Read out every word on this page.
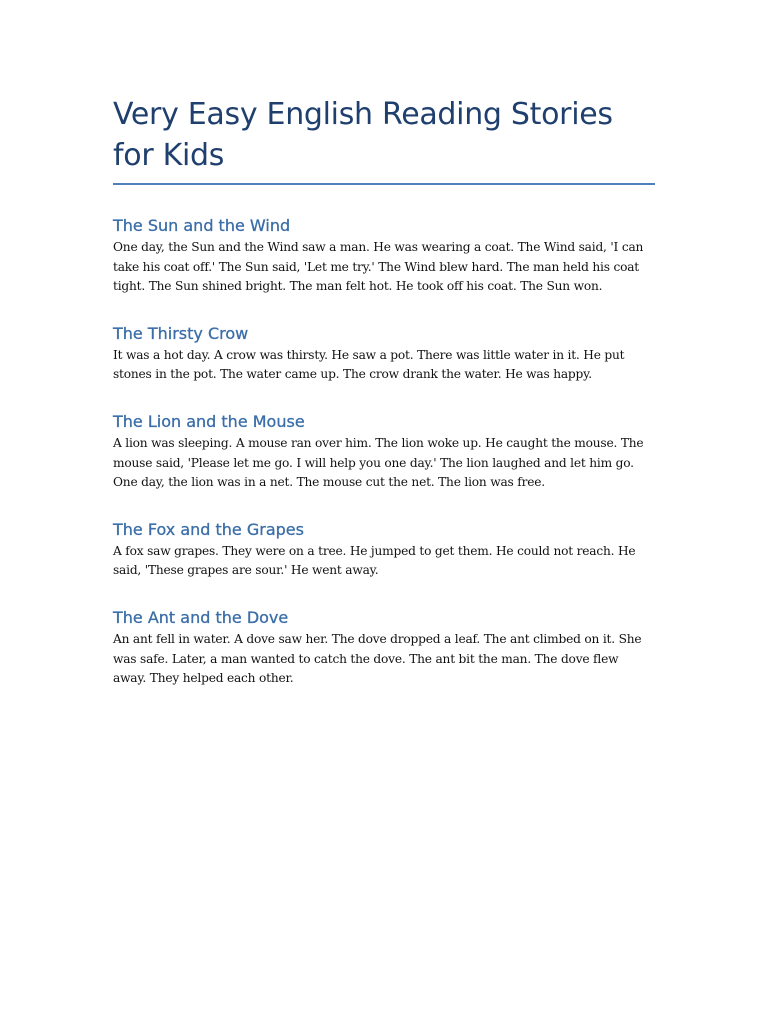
Very Easy English Reading Stories for Kids
The Sun and the Wind

One day, the Sun and the Wind saw a man. He was wearing a coat. The Wind said, 'I can take his coat off.' The Sun said, 'Let me try.' The Wind blew hard. The man held his coat tight. The Sun shined bright. The man felt hot. He took off his coat. The Sun won.

The Thirsty Crow

It was a hot day. A crow was thirsty. He saw a pot. There was little water in it. He put stones in the pot. The water came up. The crow drank the water. He was happy.

The Lion and the Mouse

A lion was sleeping. A mouse ran over him. The lion woke up. He caught the mouse. The mouse said, 'Please let me go. I will help you one day.' The lion laughed and let him go. One day, the lion was in a net. The mouse cut the net. The lion was free.

The Fox and the Grapes

A fox saw grapes. They were on a tree. He jumped to get them. He could not reach. He said, 'These grapes are sour.' He went away.

The Ant and the Dove

An ant fell in water. A dove saw her. The dove dropped a leaf. The ant climbed on it. She was safe. Later, a man wanted to catch the dove. The ant bit the man. The dove flew away. They helped each other.
